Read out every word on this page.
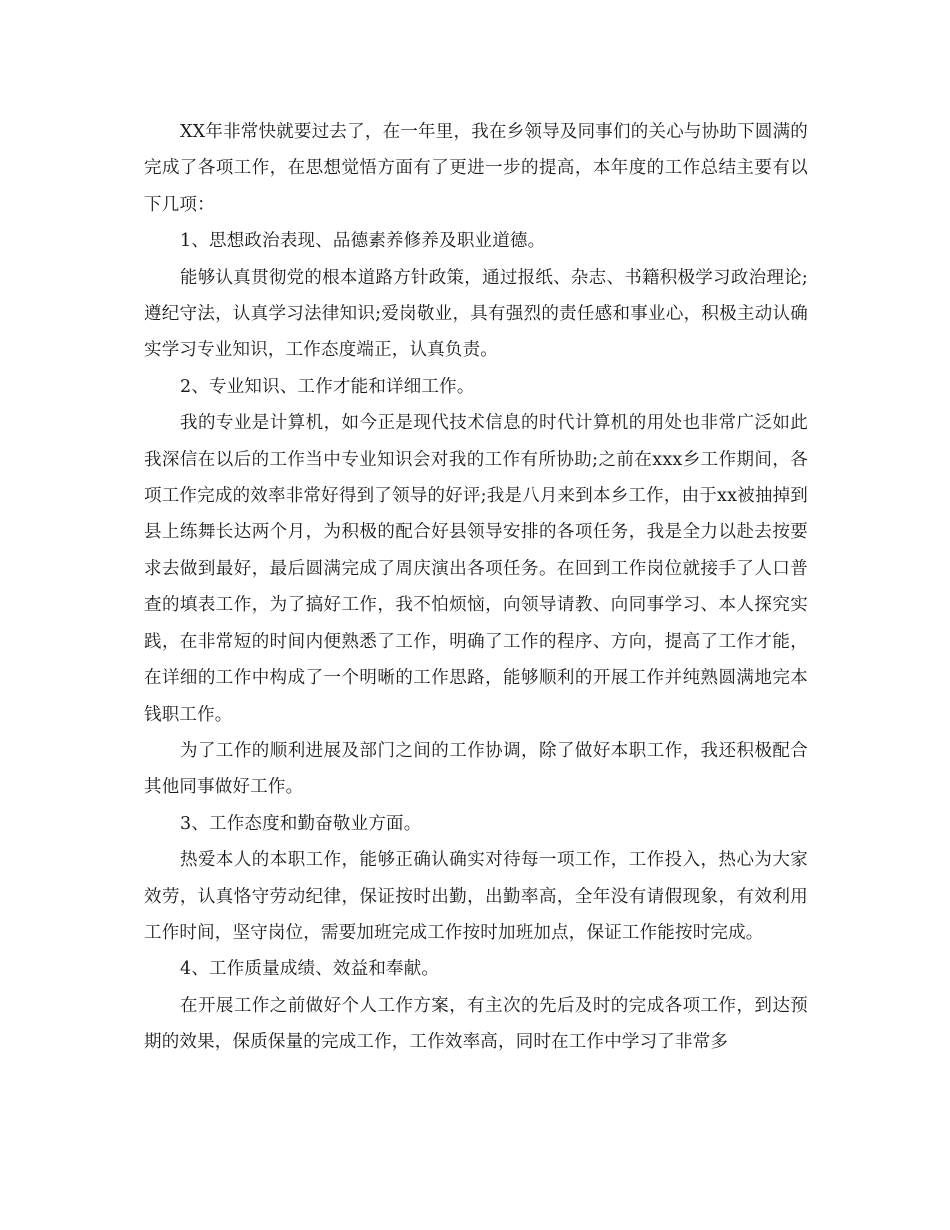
XX年非常快就要过去了，在一年里，我在乡领导及同事们的关心与协助下圆满的完成了各项工作，在思想觉悟方面有了更进一步的提高，本年度的工作总结主要有以下几项：

1、思想政治表现、品德素养修养及职业道德。

能够认真贯彻党的根本道路方针政策，通过报纸、杂志、书籍积极学习政治理论;遵纪守法，认真学习法律知识;爱岗敬业，具有强烈的责任感和事业心，积极主动认确实学习专业知识，工作态度端正，认真负责。

2、专业知识、工作才能和详细工作。

我的专业是计算机，如今正是现代技术信息的时代计算机的用处也非常广泛如此我深信在以后的工作当中专业知识会对我的工作有所协助;之前在xxx乡工作期间，各项工作完成的效率非常好得到了领导的好评;我是八月来到本乡工作，由于xx被抽掉到县上练舞长达两个月，为积极的配合好县领导安排的各项任务，我是全力以赴去按要求去做到最好，最后圆满完成了周庆演出各项任务。在回到工作岗位就接手了人口普查的填表工作，为了搞好工作，我不怕烦恼，向领导请教、向同事学习、本人探究实践，在非常短的时间内便熟悉了工作，明确了工作的程序、方向，提高了工作才能，在详细的工作中构成了一个明晰的工作思路，能够顺利的开展工作并纯熟圆满地完本钱职工作。

为了工作的顺利进展及部门之间的工作协调，除了做好本职工作，我还积极配合其他同事做好工作。

3、工作态度和勤奋敬业方面。

热爱本人的本职工作，能够正确认确实对待每一项工作，工作投入，热心为大家效劳，认真恪守劳动纪律，保证按时出勤，出勤率高，全年没有请假现象，有效利用工作时间，坚守岗位，需要加班完成工作按时加班加点，保证工作能按时完成。

4、工作质量成绩、效益和奉献。

在开展工作之前做好个人工作方案，有主次的先后及时的完成各项工作，到达预期的效果，保质保量的完成工作，工作效率高，同时在工作中学习了非常多
